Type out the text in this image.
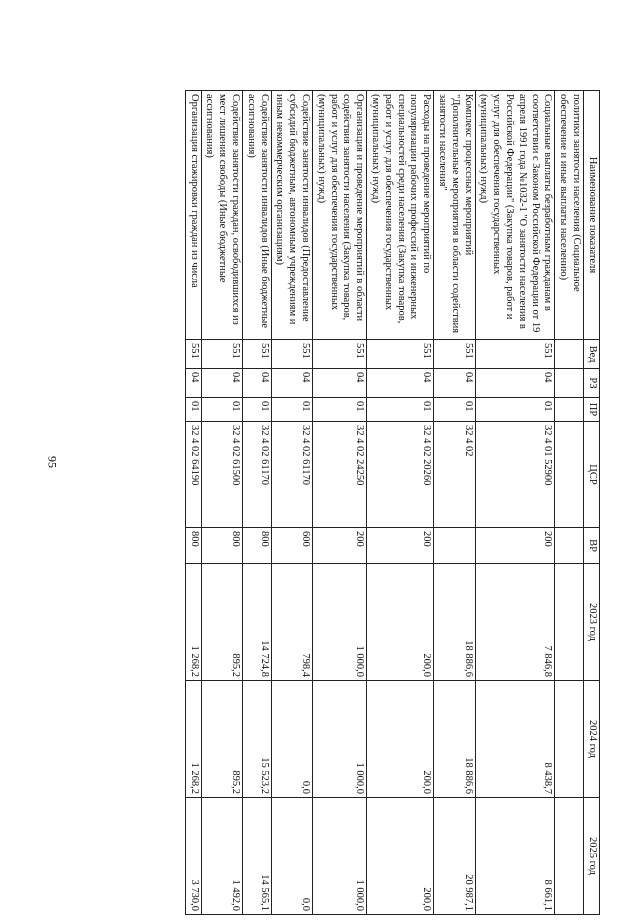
95
Наименование показателя	Вед	РЗ	ПР	ЦСР	ВР	2023 год	2024 год	2025 год
политики занятости населения (Социальное обеспечение и иные выплаты населению)								
Социальные выплаты безработным гражданам в соответствии с Законом Российской Федерации от 19 апреля 1991 года №1032-1 "О занятости населения в Российской Федерации" (Закупка товаров, работ и услуг для обеспечения государственных (муниципальных) нужд)	551	04	01	32 4 01 52900	200	7 846,8	8 438,7	8 661,1
Комплекс процессных мероприятий "Дополнительные мероприятия в области содействия занятости населения"	551	04	01	32 4 02		18 886,6	18 886,6	20 987,1
Расходы на проведение мероприятий по популяризации рабочих профессий и инженерных специальностей среди населения (Закупка товаров, работ и услуг для обеспечения государственных (муниципальных) нужд)	551	04	01	32 4 02 20260	200	200,0	200,0	200,0
Организация и проведение мероприятий в области содействия занятости населения (Закупка товаров, работ и услуг для обеспечения государственных (муниципальных) нужд)	551	04	01	32 4 02 24250	200	1 000,0	1 000,0	1 000,0
Содействие занятости инвалидов (Предоставление субсидий бюджетным, автономным учреждениям и иным некоммерческим организациям)	551	04	01	32 4 02 61170	600	798,4	0,0	0,0
Содействие занятости инвалидов (Иные бюджетные ассигнования)	551	04	01	32 4 02 61170	800	14 724,8	15 523,2	14 565,1
Содействие занятости граждан, освободившихся из мест лишения свободы (Иные бюджетные ассигнования)	551	04	01	32 4 02 61500	800	895,2	895,2	1 492,0
Организация стажировки граждан из числа	551	04	01	32 4 02 64190	800	1 268,2	1 268,2	3 730,0
